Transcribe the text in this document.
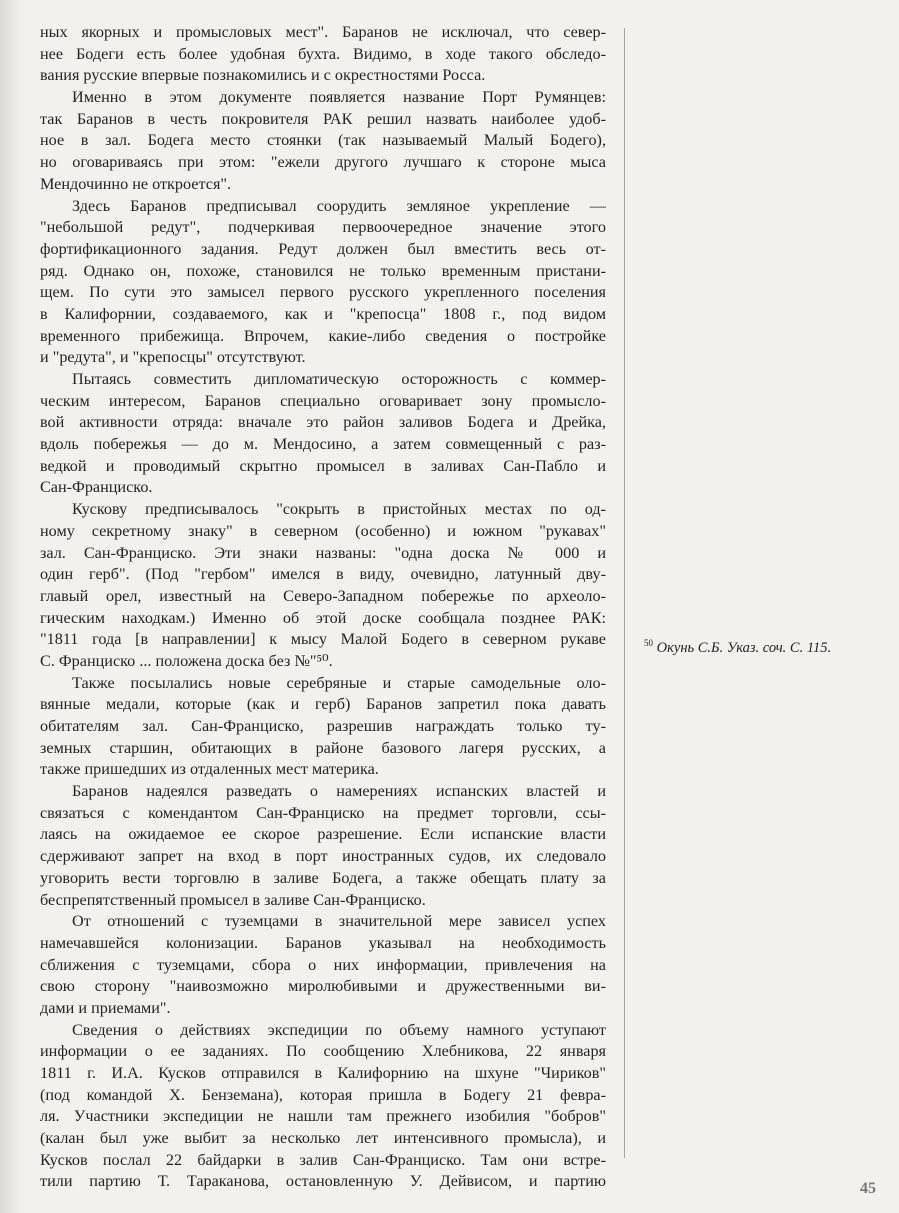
ных якорных и промысловых мест". Баранов не исключал, что север-
нее Бодеги есть более удобная бухта. Видимо, в ходе такого обследо-
вания русские впервые познакомились и с окрестностями Росса.
Именно в этом документе появляется название Порт Румянцев:
так Баранов в честь покровителя РАК решил назвать наиболее удоб-
ное в зал. Бодега место стоянки (так называемый Малый Бодего),
но оговариваясь при этом: "ежели другого лучшаго к стороне мыса
Мендочинно не откроется".
Здесь Баранов предписывал соорудить земляное укрепление —
"небольшой редут", подчеркивая первоочередное значение этого
фортификационного задания. Редут должен был вместить весь от-
ряд. Однако он, похоже, становился не только временным пристани-
щем. По сути это замысел первого русского укрепленного поселения
в Калифорнии, создаваемого, как и "крепосца" 1808 г., под видом
временного прибежища. Впрочем, какие-либо сведения о постройке
и "редута", и "крепосцы" отсутствуют.
Пытаясь совместить дипломатическую осторожность с коммер-
ческим интересом, Баранов специально оговаривает зону промысло-
вой активности отряда: вначале это район заливов Бодега и Дрейка,
вдоль побережья — до м. Мендосино, а затем совмещенный с раз-
ведкой и проводимый скрытно промысел в заливах Сан-Пабло и
Сан-Франциско.
Кускову предписывалось "сокрыть в пристойных местах по од-
ному секретному знаку" в северном (особенно) и южном "рукавах"
зал. Сан-Франциско. Эти знаки названы: "одна доска № 000 и
один герб". (Под "гербом" имелся в виду, очевидно, латунный дву-
главый орел, известный на Северо-Западном побережье по археоло-
гическим находкам.) Именно об этой доске сообщала позднее РАК:
"1811 года [в направлении] к мысу Малой Бодего в северном рукаве
С. Франциско ... положена доска без №"⁵⁰.
Также посылались новые серебряные и старые самодельные оло-
вянные медали, которые (как и герб) Баранов запретил пока давать
обитателям зал. Сан-Франциско, разрешив награждать только ту-
земных старшин, обитающих в районе базового лагеря русских, а
также пришедших из отдаленных мест материка.
Баранов надеялся разведать о намерениях испанских властей и
связаться с комендантом Сан-Франциско на предмет торговли, ссы-
лаясь на ожидаемое ее скорое разрешение. Если испанские власти
сдерживают запрет на вход в порт иностранных судов, их следовало
уговорить вести торговлю в заливе Бодега, а также обещать плату за
беспрепятственный промысел в заливе Сан-Франциско.
От отношений с туземцами в значительной мере зависел успех
намечавшейся колонизации. Баранов указывал на необходимость
сближения с туземцами, сбора о них информации, привлечения на
свою сторону "наивозможно миролюбивыми и дружественными ви-
дами и приемами".
Сведения о действиях экспедиции по объему намного уступают
информации о ее заданиях. По сообщению Хлебникова, 22 января
1811 г. И.А. Кусков отправился в Калифорнию на шхуне "Чириков"
(под командой Х. Бенземана), которая пришла в Бодегу 21 февра-
ля. Участники экспедиции не нашли там прежнего изобилия "бобров"
(калан был уже выбит за несколько лет интенсивного промысла), и
Кусков послал 22 байдарки в залив Сан-Франциско. Там они встре-
тили партию Т. Тараканова, остановленную У. Дейвисом, и партию
$^{50}$ Окунь С.Б. Указ. соч. С. 115.
45
